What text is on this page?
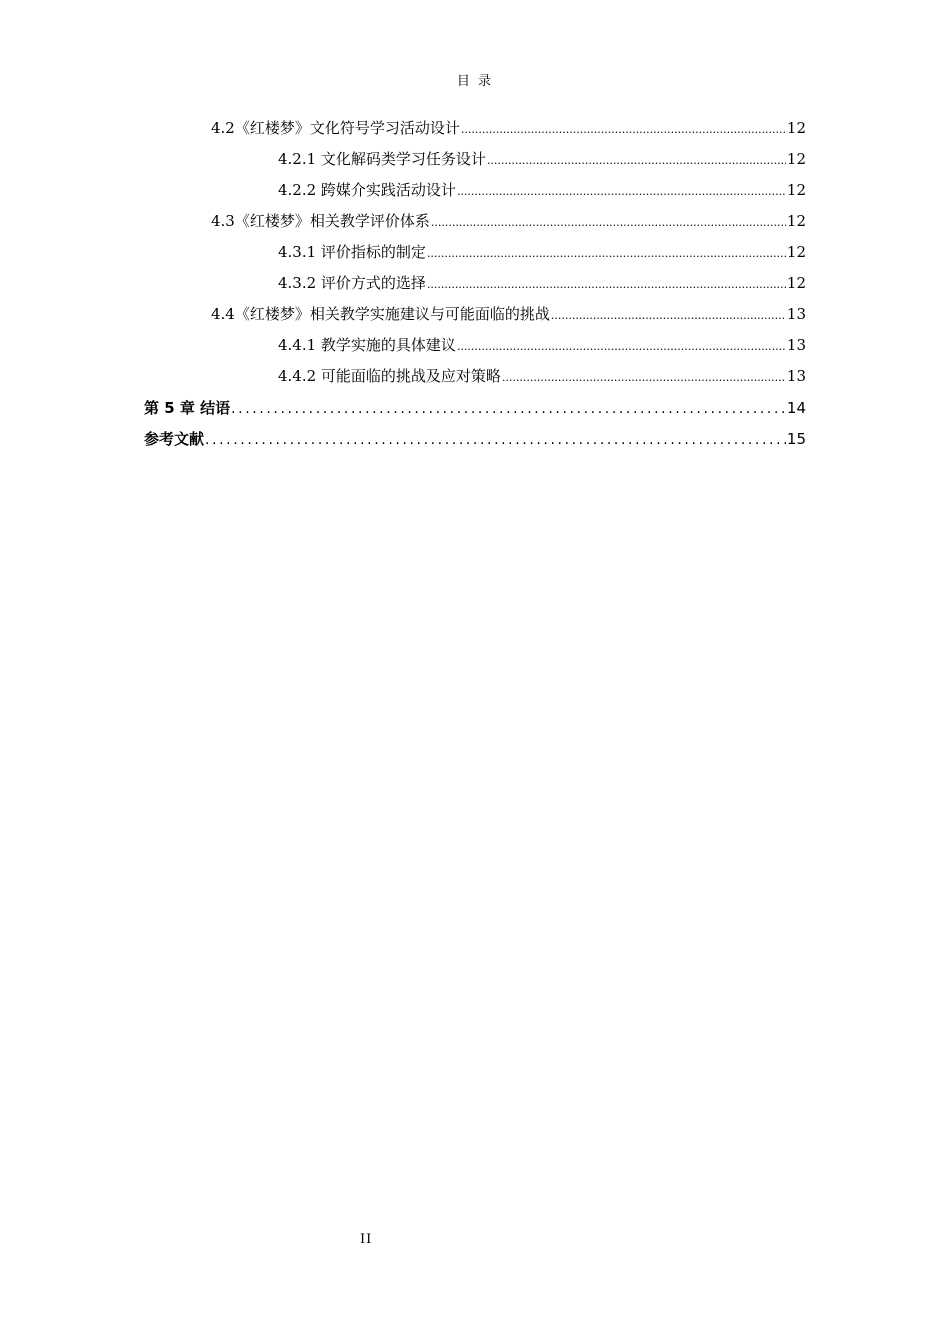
目 录
4.2《红楼梦》文化符号学习活动设计 .....	12
4.2.1 文化解码类学习任务设计 .....	12
4.2.2 跨媒介实践活动设计 .....	12
4.3《红楼梦》相关教学评价体系 .....	12
4.3.1 评价指标的制定 .....	12
4.3.2 评价方式的选择 .....	12
4.4《红楼梦》相关教学实施建议与可能面临的挑战 .....	13
4.4.1 教学实施的具体建议 .....	13
4.4.2 可能面临的挑战及应对策略 .....	13
第 5 章 结语 .....	14
参考文献 .....	15
II
